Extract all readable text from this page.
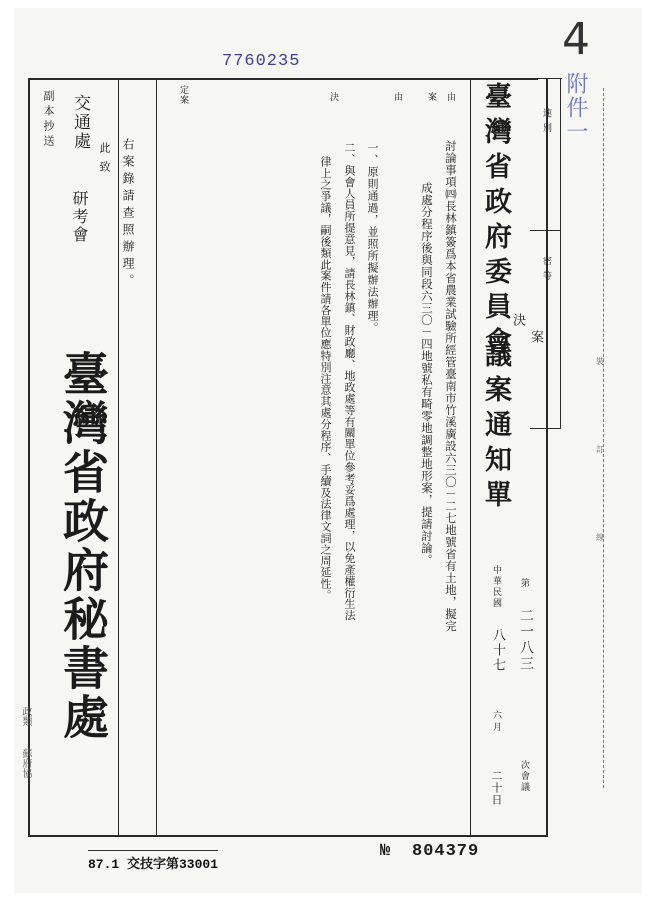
7760235	4
附件一
速別
密等
案由
由
決
定案	臺灣省政府委員會 決
案
議案通知單
討論事項㈣長林鎮簽爲本省農業試驗所經管臺南市竹溪廣設六三〇－二七地號省有土地，擬完
成處分程序後與同段六三〇－四地號私有畸零地調整地形案，提請討論。
一、原則通過，並照所擬辦法辦理。
二、與會人員所提意見，請長林鎮、財政廳、地政處等有關單位參考妥爲處理，以免產權衍生法
律上之爭議，嗣後類此案件請各單位應特別注意其處分程序、手續及法律文詞之周延性。	第
二一八三
次會議
中華民國
八十七
六月
二十日
右案錄請查照辦理。
此致
交通處
副本抄送
研考會
臺灣省政府秘書處
政類
蘇府協
裝
訂
線
87.1 交技字第33001
№ 804379
